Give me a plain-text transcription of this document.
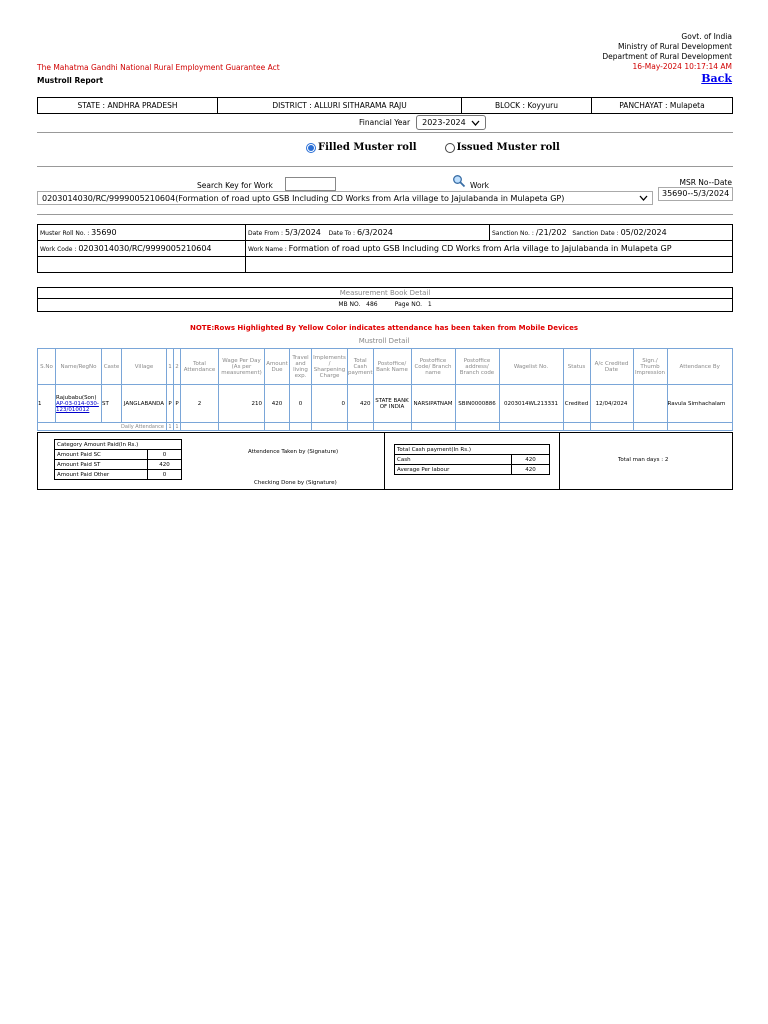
Govt. of India
Ministry of Rural Development
Department of Rural Development
16-May-2024 10:17:14 AM
Back
The Mahatma Gandhi National Rural Employment Guarantee Act
Mustroll Report
STATE : ANDHRA PRADESH	DISTRICT : ALLURI SITHARAMA RAJU	BLOCK : Koyyuru	PANCHAYAT : Mulapeta
Financial Year 2023-2024
Filled Muster roll	Issued Muster roll
Search Key for Work	Work	MSR No--Date
0203014030/RC/9999005210604(Formation of road upto GSB Including CD Works from Arla village to Jajulabanda in Mulapeta GP)	35690--5/3/2024
Muster Roll No. : 35690	Date From : 5/3/2024 Date To : 6/3/2024	Sanction No. : /21/202 Sanction Date : 05/02/2024
Work Code : 0203014030/RC/9999005210604	Work Name : Formation of road upto GSB Including CD Works from Arla village to Jajulabanda in Mulapeta GP	

Measurement Book Detail
MB NO. 486	Page NO. 1
NOTE:Rows Highlighted By Yellow Color indicates attendance has been taken from Mobile Devices
Mustroll Detail
S.No	Name/RegNo	Caste	Village	1	2	Total Attendance	Wage Per Day (As per measurement)	Amount Due	Travel and living exp.	Implements / Sharpening Charge	Total Cash payment	Postoffice/ Bank Name	Postoffice Code/ Branch name	Postoffice address/ Branch code	Wagelist No.	Status	A/c Credited Date	Sign./ Thumb Impression	Attendance By
1	Rajubabu(Son)
AP-03-014-030-123/010012	ST	JANGLABANDA	P	P	2	210	420	0	0	420	STATE BANK OF INDIA	NARSIPATNAM	SBIN0000886	0203014WL213331	Credited	12/04/2024		Ravula Simhachalam
Daily Attendance				1	1														
Category Amount Paid(In Rs.)	
Amount Paid SC	0
Amount Paid ST	420
Amount Paid Other	0
Attendence Taken by (Signature)
Checking Done by (Signature)
Total Cash payment(In Rs.)	
Cash	420
Average Per labour	420
Total man days : 2
